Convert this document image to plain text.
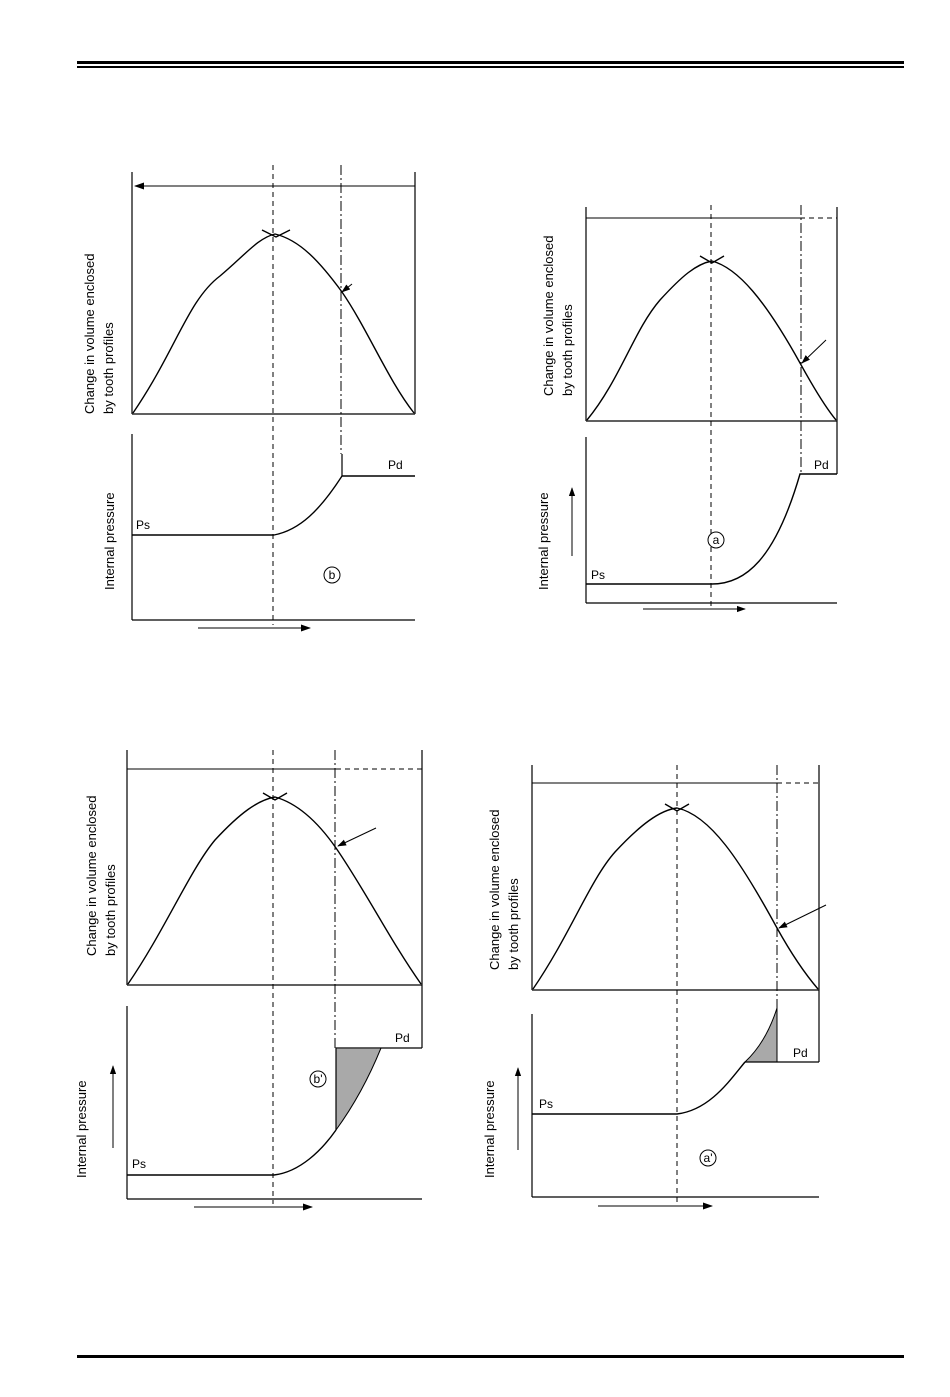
Change in volume enclosed by tooth profiles
Internal pressure Ps
Pd
b
Change in volume enclosed by tooth profiles
Internal pressure	Ps
Pd
a
Change in volume enclosed by tooth profiles
Internal pressure	Ps
Pd
b'
Change in volume enclosed by tooth profiles
Internal pressure	Ps
Pd
a'
